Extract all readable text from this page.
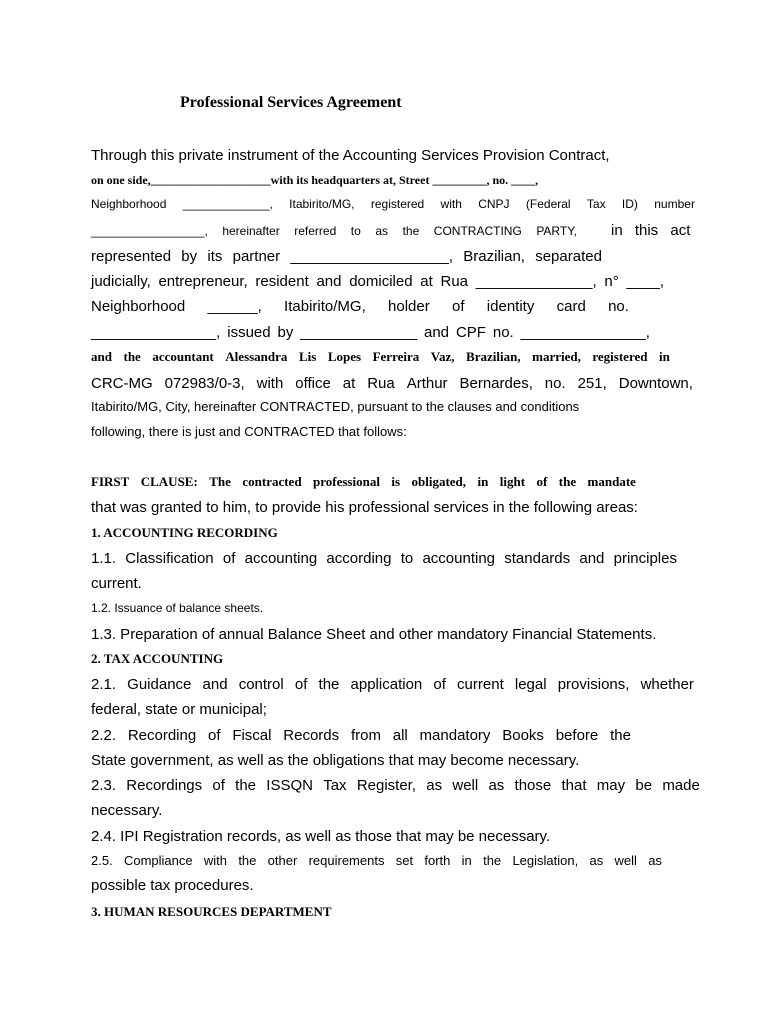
Professional Services Agreement
Through this private instrument of the Accounting Services Provision Contract,
on one side,____________________with its headquarters at, Street _________, no. ____,
Neighborhood _____________, Itabirito/MG, registered with CNPJ (Federal Tax ID) number
_________________, hereinafter referred to as the CONTRACTING PARTY, in this act
represented by its partner ___________________, Brazilian, separated
judicially, entrepreneur, resident and domiciled at Rua ______________, n° ____,
Neighborhood ______, Itabirito/MG, holder of identity card no.
_______________, issued by ______________ and CPF no. _______________,
and the accountant Alessandra Lis Lopes Ferreira Vaz, Brazilian, married, registered in
CRC-MG 072983/0-3, with office at Rua Arthur Bernardes, no. 251, Downtown,
Itabirito/MG, City, hereinafter CONTRACTED, pursuant to the clauses and conditions
following, there is just and CONTRACTED that follows:
FIRST CLAUSE: The contracted professional is obligated, in light of the mandate
that was granted to him, to provide his professional services in the following areas:
1. ACCOUNTING RECORDING
1.1. Classification of accounting according to accounting standards and principles
current.
1.2. Issuance of balance sheets.
1.3. Preparation of annual Balance Sheet and other mandatory Financial Statements.
2. TAX ACCOUNTING
2.1. Guidance and control of the application of current legal provisions, whether
federal, state or municipal;
2.2. Recording of Fiscal Records from all mandatory Books before the
State government, as well as the obligations that may become necessary.
2.3. Recordings of the ISSQN Tax Register, as well as those that may be made
necessary.
2.4. IPI Registration records, as well as those that may be necessary.
2.5. Compliance with the other requirements set forth in the Legislation, as well as
possible tax procedures.
3. HUMAN RESOURCES DEPARTMENT
